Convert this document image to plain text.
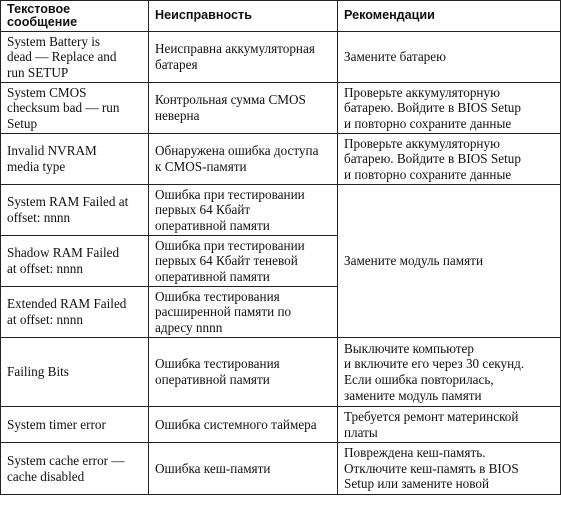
Текстовое сообщение	Неисправность	Рекомендации

System Battery is
dead — Replace and
run SETUP	Неисправна аккумуляторная
батарея	Замените батарею

System CMOS
checksum bad — run
Setup	Контрольная сумма CMOS
неверна	Проверьте аккумуляторную
батарею. Войдите в BIOS Setup
и повторно сохраните данные

Invalid NVRAM
media type	Обнаружена ошибка доступа
к CMOS-памяти	Проверьте аккумуляторную
батарею. Войдите в BIOS Setup
и повторно сохраните данные

System RAM Failed at
offset: nnnn	Ошибка при тестировании
первых 64 Кбайт
оперативной памяти	Замените модуль памяти

Shadow RAM Failed
at offset: nnnn	Ошибка при тестировании
первых 64 Кбайт теневой
оперативной памяти	

Extended RAM Failed
at offset: nnnn	Ошибка тестирования
расширенной памяти по
адресу nnnn	

Failing Bits	Ошибка тестирования
оперативной памяти	Выключите компьютер
и включите его через 30 секунд.
Если ошибка повторилась,
замените модуль памяти

System timer error	Ошибка системного таймера	Требуется ремонт материнской
платы

System cache error —
cache disabled	Ошибка кеш-памяти	Повреждена кеш-память.
Отключите кеш-память в BIOS
Setup или замените новой
